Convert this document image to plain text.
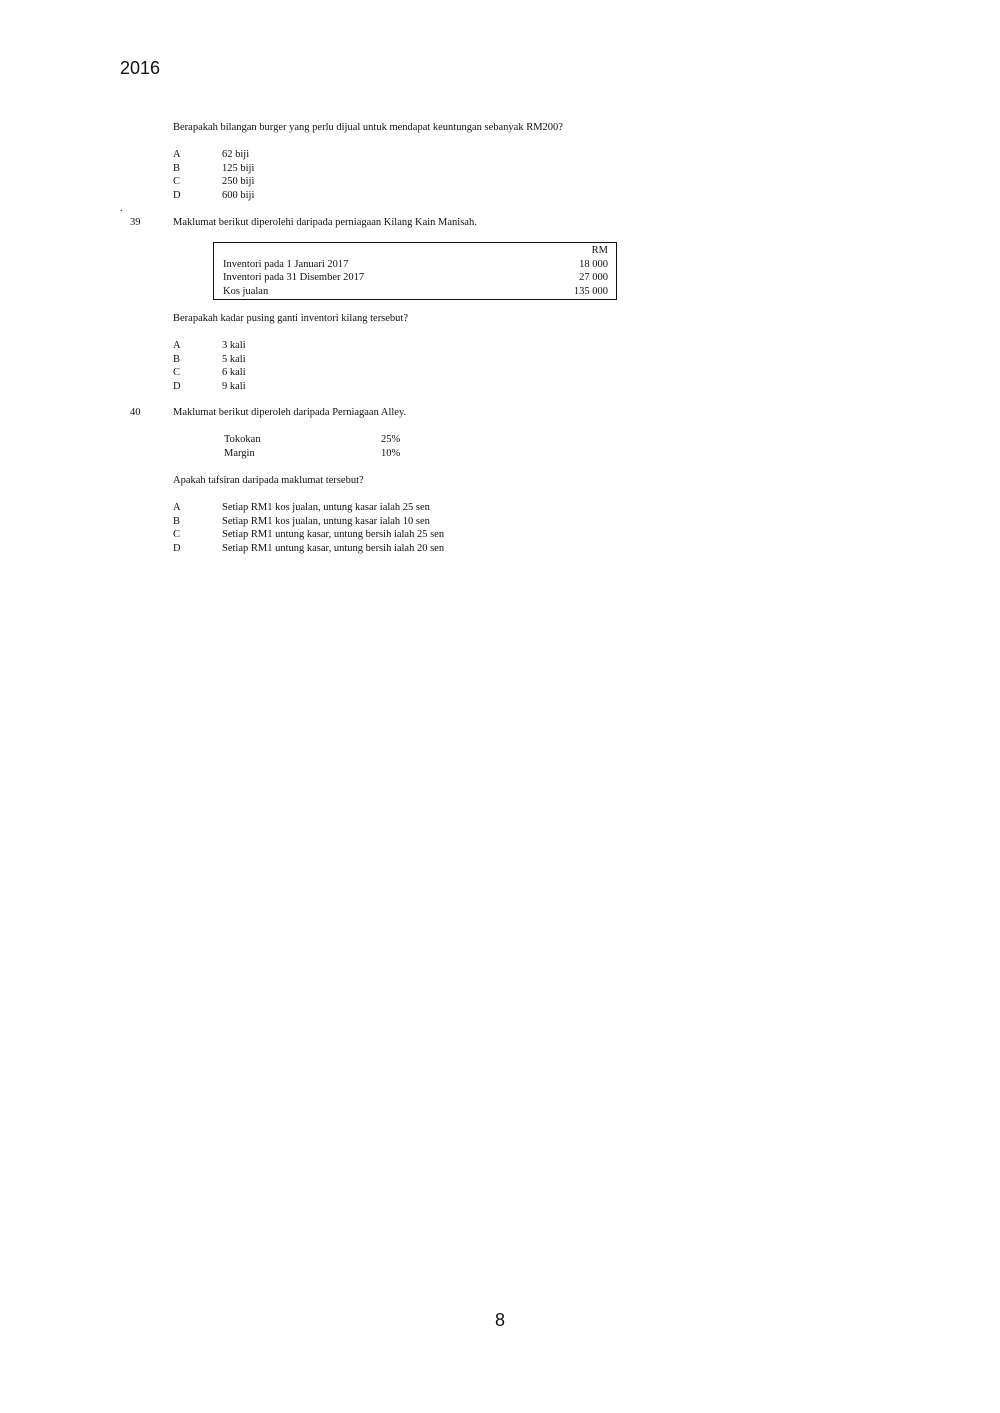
2016
Berapakah bilangan burger yang perlu dijual untuk mendapat keuntungan sebanyak RM200?
A	62 biji
B	125 biji
C	250 biji
D	600 biji
.
39	Maklumat berikut diperolehi daripada perniagaan Kilang Kain Manisah.
RM
Inventori pada 1 Januari 2017	18 000
Inventori pada 31 Disember 2017	27 000
Kos jualan	135 000
Berapakah kadar pusing ganti inventori kilang tersebut?
A	3 kali
B	5 kali
C	6 kali
D	9 kali
40	Maklumat berikut diperoleh daripada Perniagaan Alley.
Tokokan	25%
Margin	10%
Apakah tafsiran daripada maklumat tersebut?
A	Setiap RM1 kos jualan, untung kasar ialah 25 sen
B	Setiap RM1 kos jualan, untung kasar ialah 10 sen
C	Setiap RM1 untung kasar, untung bersih ialah 25 sen
D	Setiap RM1 untung kasar, untung bersih ialah 20 sen
8
